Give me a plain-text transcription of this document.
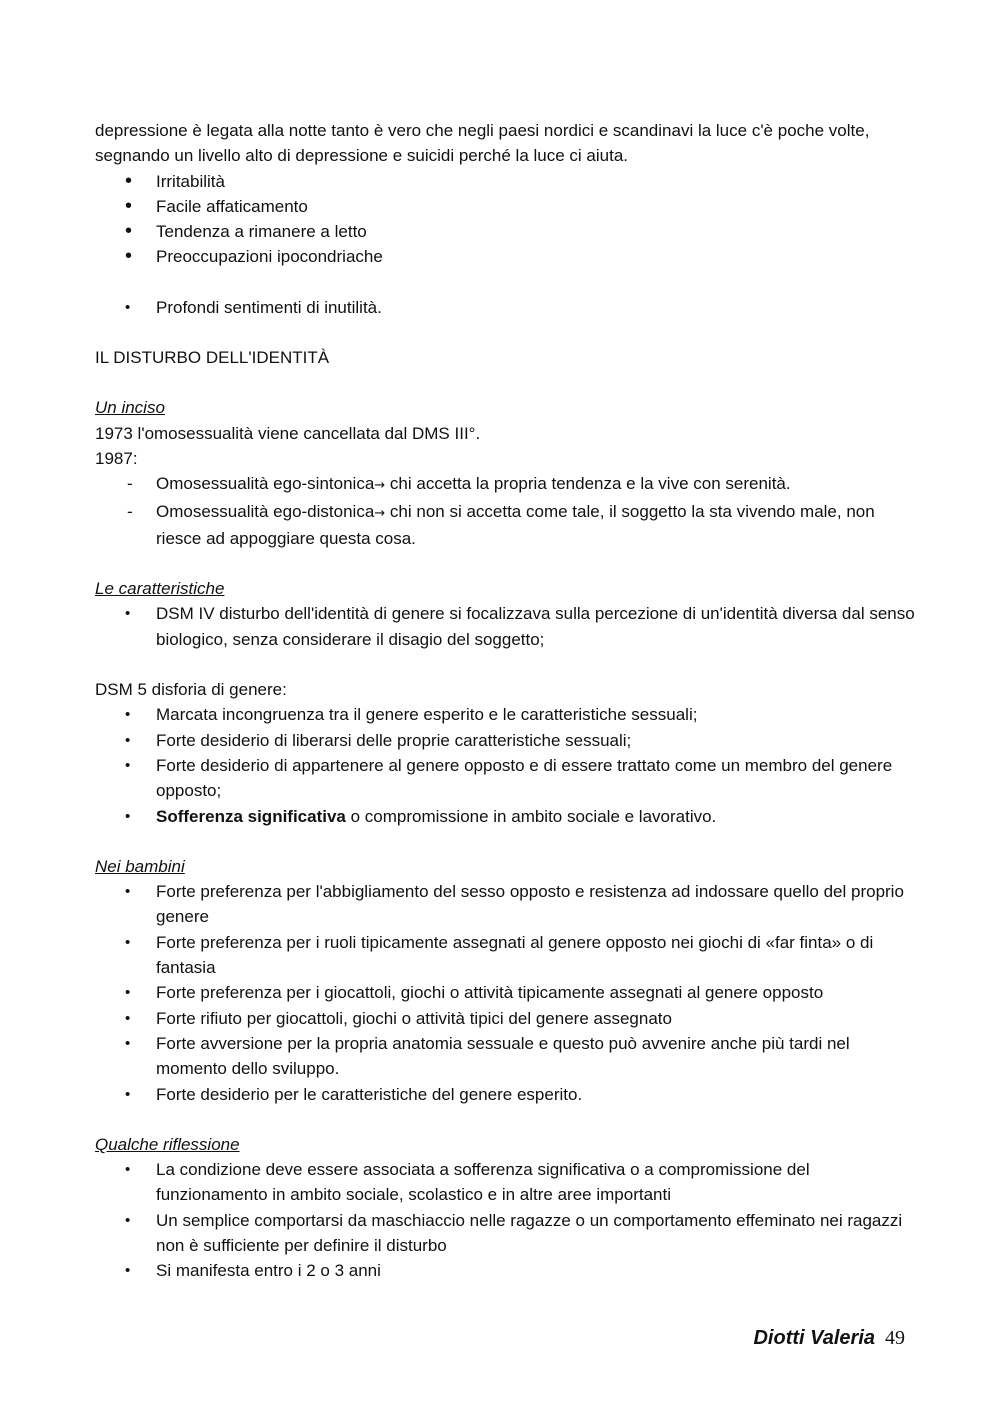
depressione è legata alla notte tanto è vero che negli paesi nordici e scandinavi la luce c'è poche volte, segnando un livello alto di depressione e suicidi perché la luce ci aiuta.

•	Irritabilità
•	Facile affaticamento
•	Tendenza a rimanere a letto
•	Preoccupazioni ipocondriache
•	Profondi sentimenti di inutilità.

IL DISTURBO DELL'IDENTITÀ

Un inciso

1973 l'omosessualità viene cancellata dal DMS III°.

1987:

-	Omosessualità ego-sintonica→ chi accetta la propria tendenza e la vive con serenità.
-	Omosessualità ego-distonica→ chi non si accetta come tale, il soggetto la sta vivendo male, non riesce ad appoggiare questa cosa.

Le caratteristiche

•	DSM IV disturbo dell'identità di genere si focalizzava sulla percezione di un'identità diversa dal senso biologico, senza considerare il disagio del soggetto;

DSM 5 disforia di genere:

•	Marcata incongruenza tra il genere esperito e le caratteristiche sessuali;
•	Forte desiderio di liberarsi delle proprie caratteristiche sessuali;
•	Forte desiderio di appartenere al genere opposto e di essere trattato come un membro del genere opposto;
•	Sofferenza significativa o compromissione in ambito sociale e lavorativo.

Nei bambini

•	Forte preferenza per l'abbigliamento del sesso opposto e resistenza ad indossare quello del proprio genere
•	Forte preferenza per i ruoli tipicamente assegnati al genere opposto nei giochi di «far finta» o di fantasia
•	Forte preferenza per i giocattoli, giochi o attività tipicamente assegnati al genere opposto
•	Forte rifiuto per giocattoli, giochi o attività tipici del genere assegnato
•	Forte avversione per la propria anatomia sessuale e questo può avvenire anche più tardi nel momento dello sviluppo.
•	Forte desiderio per le caratteristiche del genere esperito.

Qualche riflessione

•	La condizione deve essere associata a sofferenza significativa o a compromissione del funzionamento in ambito sociale, scolastico e in altre aree importanti
•	Un semplice comportarsi da maschiaccio nelle ragazze o un comportamento effeminato nei ragazzi non è sufficiente per definire il disturbo
•	Si manifesta entro i 2 o 3 anni
Diotti Valeria 49
